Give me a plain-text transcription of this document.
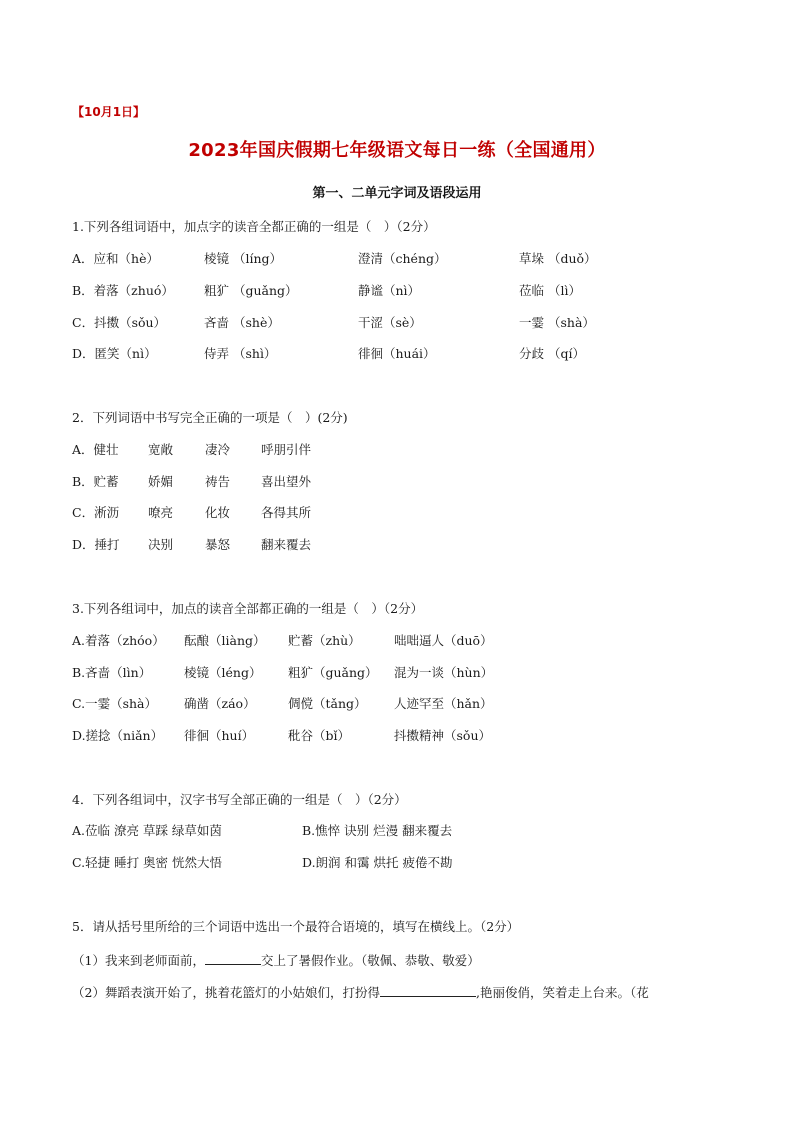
【10月1日】
2023年国庆假期七年级语文每日一练（全国通用）
第一、二单元字词及语段运用
1.下列各组词语中，加点字的读音全都正确的一组是（　）（2分）
A．应和（hè）	棱镜 （líng）	澄清（chéng）	草垛 （duǒ）
B．着落（zhuó） 粗犷 （guǎng）	静谧（nì）	莅临 （lì）
C．抖擞（sǒu）	吝啬 （shè）	干涩（sè）	一霎 （shà）
D．匿笑（nì）	侍弄 （shì）	徘徊（huái）	分歧 （qí）
2．下列词语中书写完全正确的一项是（　）(2分)
A．健壮 宽敞	凄冷 呼朋引伴
B．贮蓄 娇媚	祷告 喜出望外
C．淅沥 嘹亮	化妆 各得其所
D．捶打 决别	暴怒 翻来覆去
3.下列各组词中，加点的读音全部都正确的一组是（　）（2分）
A.着落（zhóo） 酝酿（liàng） 贮蓄（zhù）	咄咄逼人（duō）
B.吝啬（lìn）	棱镜（léng） 粗犷（guǎng） 混为一谈（hùn）
C.一霎（shà） 确凿（záo）	倜傥（tǎng） 人迹罕至（hǎn）
D.搓捻（niǎn） 徘徊（huí）	秕谷（bǐ）	抖擞精神（sǒu）
4．下列各组词中，汉字书写全部正确的一组是（　）（2分）
A.莅临 潦亮 草踩 绿草如茵	B.憔悴 诀别 烂漫 翻来覆去
C.轻捷 睡打 奥密 恍然大悟	D.朗润 和霭 烘托 疲倦不勘
5．请从括号里所给的三个词语中选出一个最符合语境的，填写在横线上。（2分）
（1）我来到老师面前，	交上了暑假作业。（敬佩、恭敬、敬爱）
（2）舞蹈表演开始了，挑着花篮灯的小姑娘们，打扮得	,艳丽俊俏，笑着走上台来。（花
